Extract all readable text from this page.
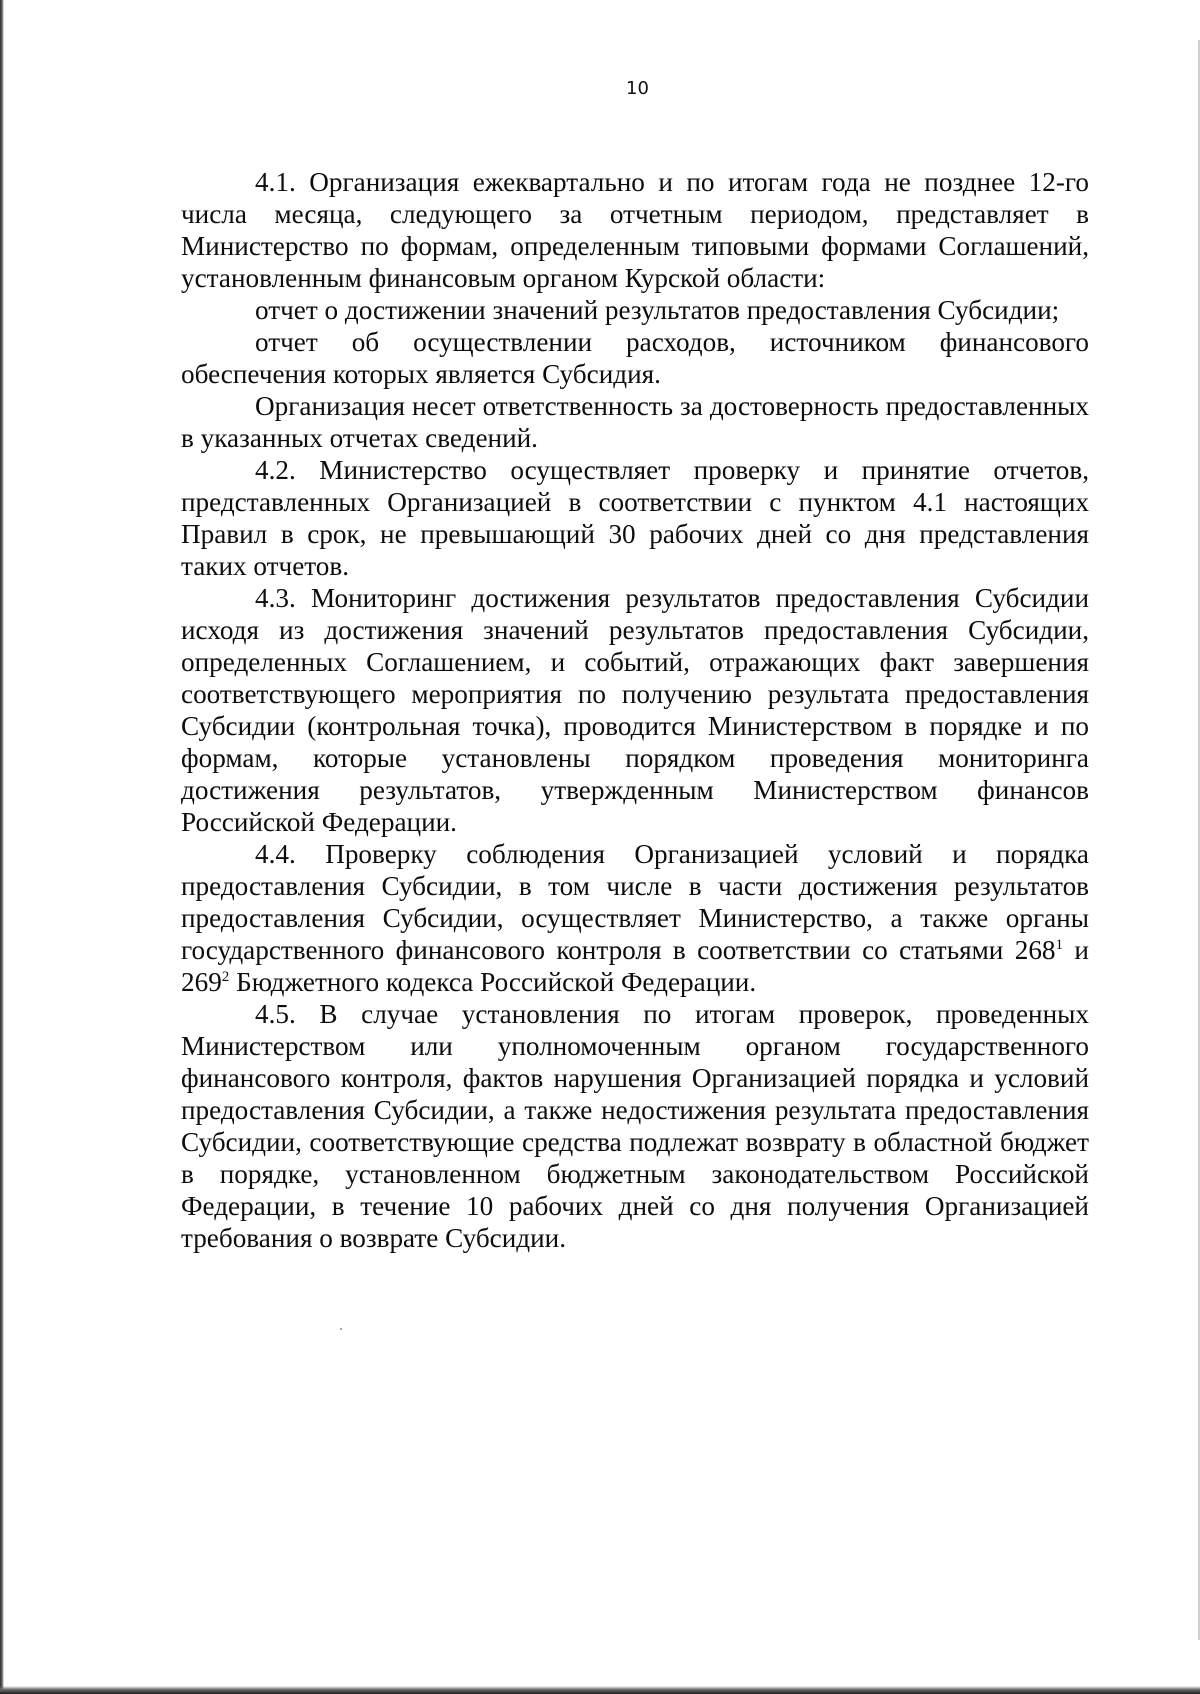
10

4.1. Организация ежеквартально и по итогам года не позднее 12-го числа месяца, следующего за отчетным периодом, представляет в Министерство по формам, определенным типовыми формами Соглашений, установленным финансовым органом Курской области:

отчет о достижении значений результатов предоставления Субсидии;

отчет об осуществлении расходов, источником финансового обеспечения которых является Субсидия.

Организация несет ответственность за достоверность предоставленных в указанных отчетах сведений.

4.2. Министерство осуществляет проверку и принятие отчетов, представленных Организацией в соответствии с пунктом 4.1 настоящих Правил в срок, не превышающий 30 рабочих дней со дня представления таких отчетов.

4.3. Мониторинг достижения результатов предоставления Субсидии исходя из достижения значений результатов предоставления Субсидии, определенных Соглашением, и событий, отражающих факт завершения соответствующего мероприятия по получению результата предоставления Субсидии (контрольная точка), проводится Министерством в порядке и по формам, которые установлены порядком проведения мониторинга достижения результатов, утвержденным Министерством финансов Российской Федерации.

4.4. Проверку соблюдения Организацией условий и порядка предоставления Субсидии, в том числе в части достижения результатов предоставления Субсидии, осуществляет Министерство, а также органы государственного финансового контроля в соответствии со статьями $268^1$ и $269^2$ Бюджетного кодекса Российской Федерации.

4.5. В случае установления по итогам проверок, проведенных Министерством или уполномоченным органом государственного финансового контроля, фактов нарушения Организацией порядка и условий предоставления Субсидии, а также недостижения результата предоставления Субсидии, соответствующие средства подлежат возврату в областной бюджет в порядке, установленном бюджетным законодательством Российской Федерации, в течение 10 рабочих дней со дня получения Организацией требования о возврате Субсидии.
